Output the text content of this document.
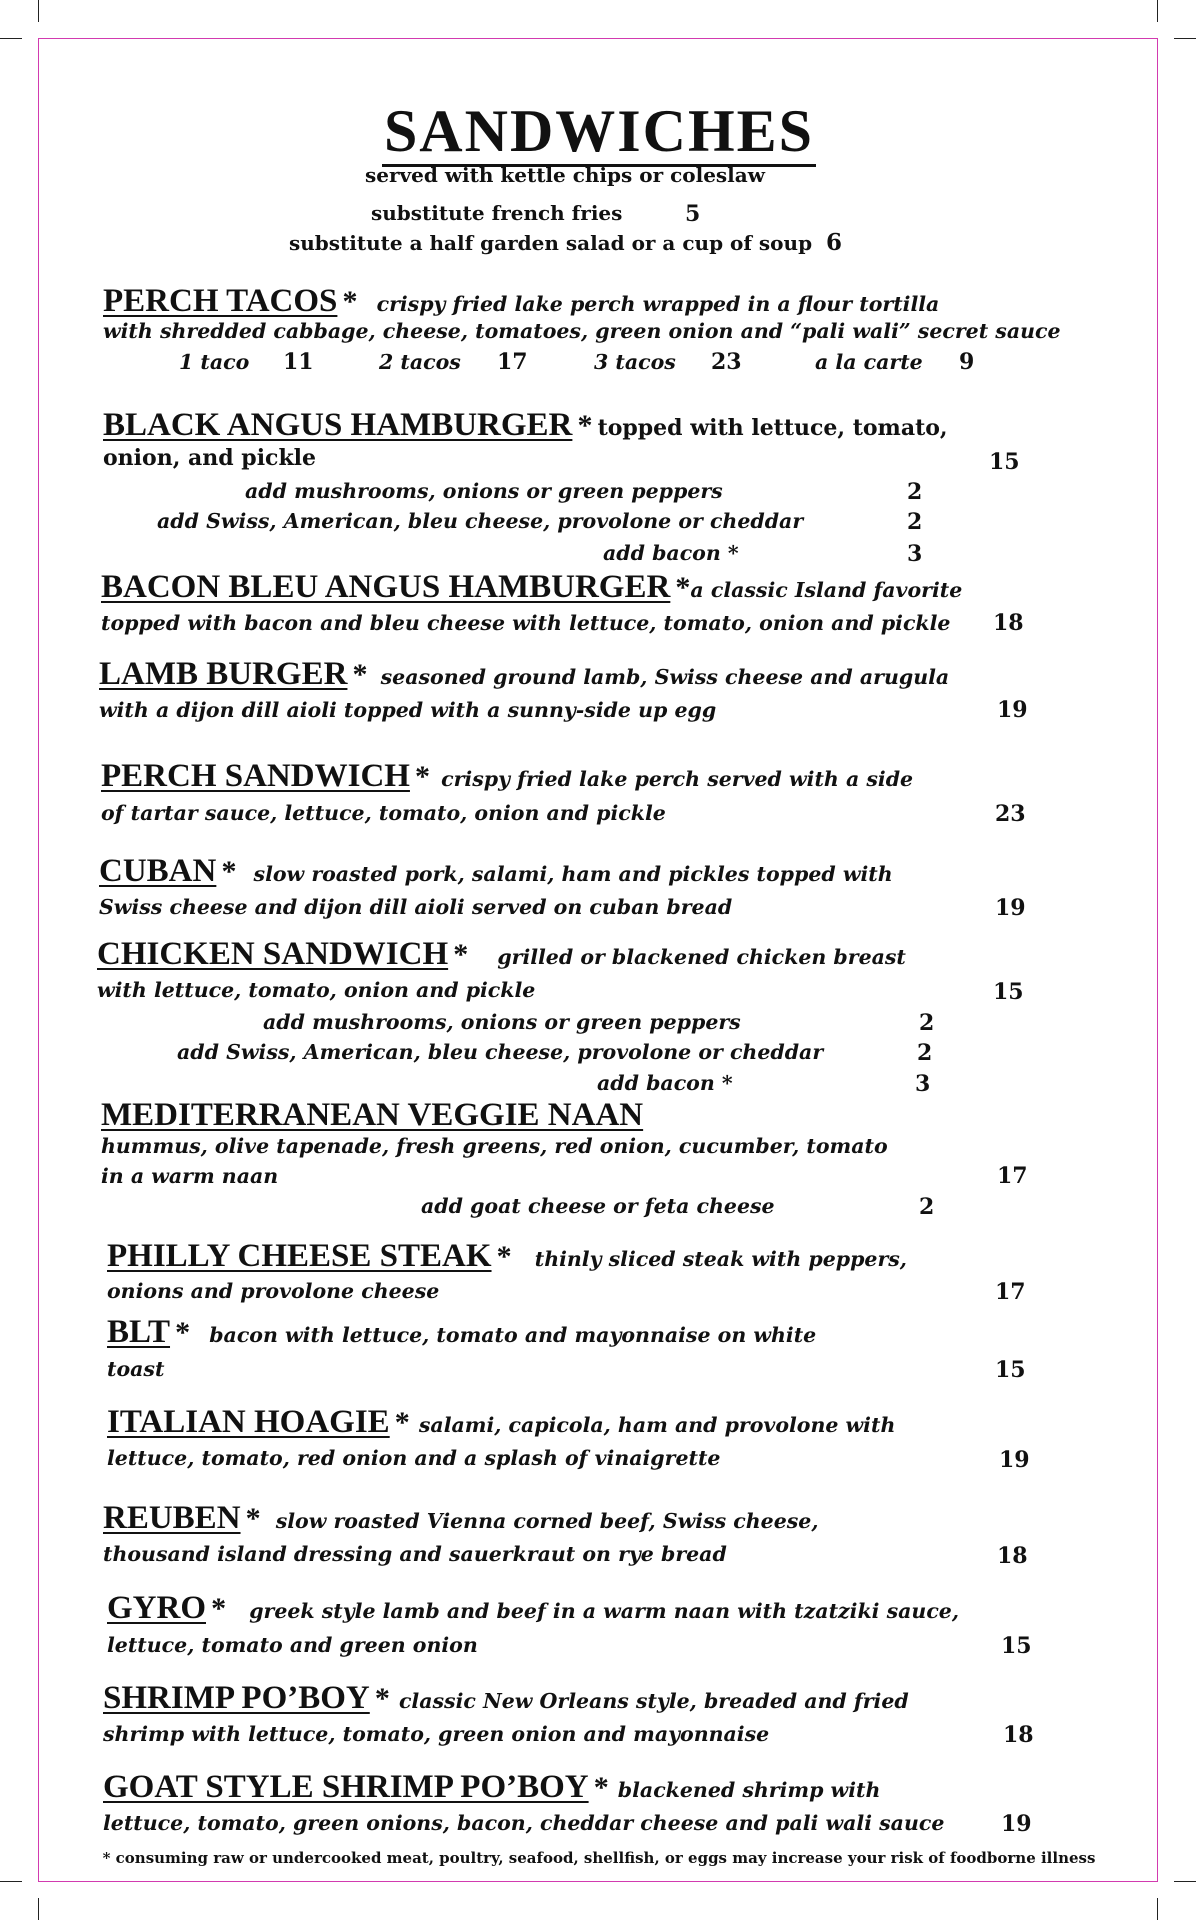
SANDWICHES
served with kettle chips or coleslaw
substitute french fries	5
substitute a half garden salad or a cup of soup 6
PERCH TACOS * crispy fried lake perch wrapped in a flour tortilla
with shredded cabbage, cheese, tomatoes, green onion and “pali wali” secret sauce
1 taco 11	2 tacos 17	3 tacos 23	a la carte 9
BLACK ANGUS HAMBURGER * topped with lettuce, tomato,
onion, and pickle	15
add mushrooms, onions or green peppers	2
add Swiss, American, bleu cheese, provolone or cheddar	2
add bacon *	3
BACON BLEU ANGUS HAMBURGER *a classic Island favorite
topped with bacon and bleu cheese with lettuce, tomato, onion and pickle 18
LAMB BURGER * seasoned ground lamb, Swiss cheese and arugula
with a dijon dill aioli topped with a sunny-side up egg	19
PERCH SANDWICH * crispy fried lake perch served with a side
of tartar sauce, lettuce, tomato, onion and pickle	23
CUBAN * slow roasted pork, salami, ham and pickles topped with
Swiss cheese and dijon dill aioli served on cuban bread	19
CHICKEN SANDWICH * grilled or blackened chicken breast
with lettuce, tomato, onion and pickle	15
add mushrooms, onions or green peppers	2
add Swiss, American, bleu cheese, provolone or cheddar	2
add bacon *	3
MEDITERRANEAN VEGGIE NAAN
hummus, olive tapenade, fresh greens, red onion, cucumber, tomato
in a warm naan	17
add goat cheese or feta cheese	2
PHILLY CHEESE STEAK * thinly sliced steak with peppers,
onions and provolone cheese	17
BLT * bacon with lettuce, tomato and mayonnaise on white
toast	15
ITALIAN HOAGIE * salami, capicola, ham and provolone with
lettuce, tomato, red onion and a splash of vinaigrette	19
REUBEN * slow roasted Vienna corned beef, Swiss cheese,
thousand island dressing and sauerkraut on rye bread	18
GYRO * greek style lamb and beef in a warm naan with tzatziki sauce,
lettuce, tomato and green onion	15
SHRIMP PO’BOY * classic New Orleans style, breaded and fried
shrimp with lettuce, tomato, green onion and mayonnaise	18
GOAT STYLE SHRIMP PO’BOY * blackened shrimp with
lettuce, tomato, green onions, bacon, cheddar cheese and pali wali sauce	19
* consuming raw or undercooked meat, poultry, seafood, shellfish, or eggs may increase your risk of foodborne illness
